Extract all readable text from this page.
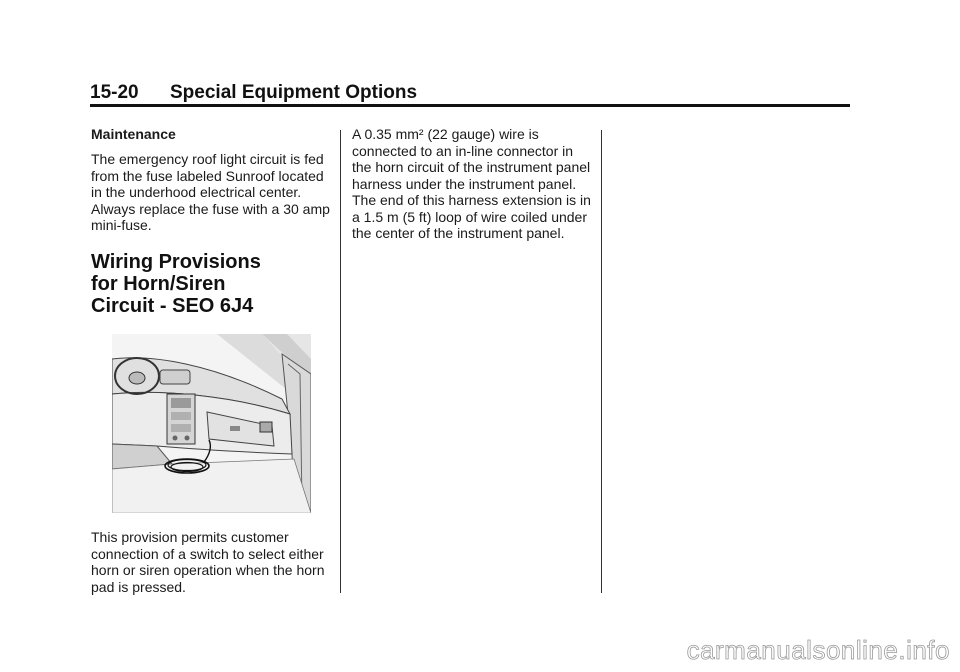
15-20 Special Equipment Options

Maintenance

The emergency roof light circuit is fed from the fuse labeled Sunroof located in the underhood electrical center. Always replace the fuse with a 30 amp mini-fuse.

Wiring Provisions
for Horn/Siren
Circuit - SEO 6J4
This provision permits customer connection of a switch to select either horn or siren operation when the horn pad is pressed.

A 0.35 mm² (22 gauge) wire is connected to an in-line connector in the horn circuit of the instrument panel harness under the instrument panel. The end of this harness extension is in a 1.5 m (5 ft) loop of wire coiled under the center of the instrument panel.

carmanualsonline.info
